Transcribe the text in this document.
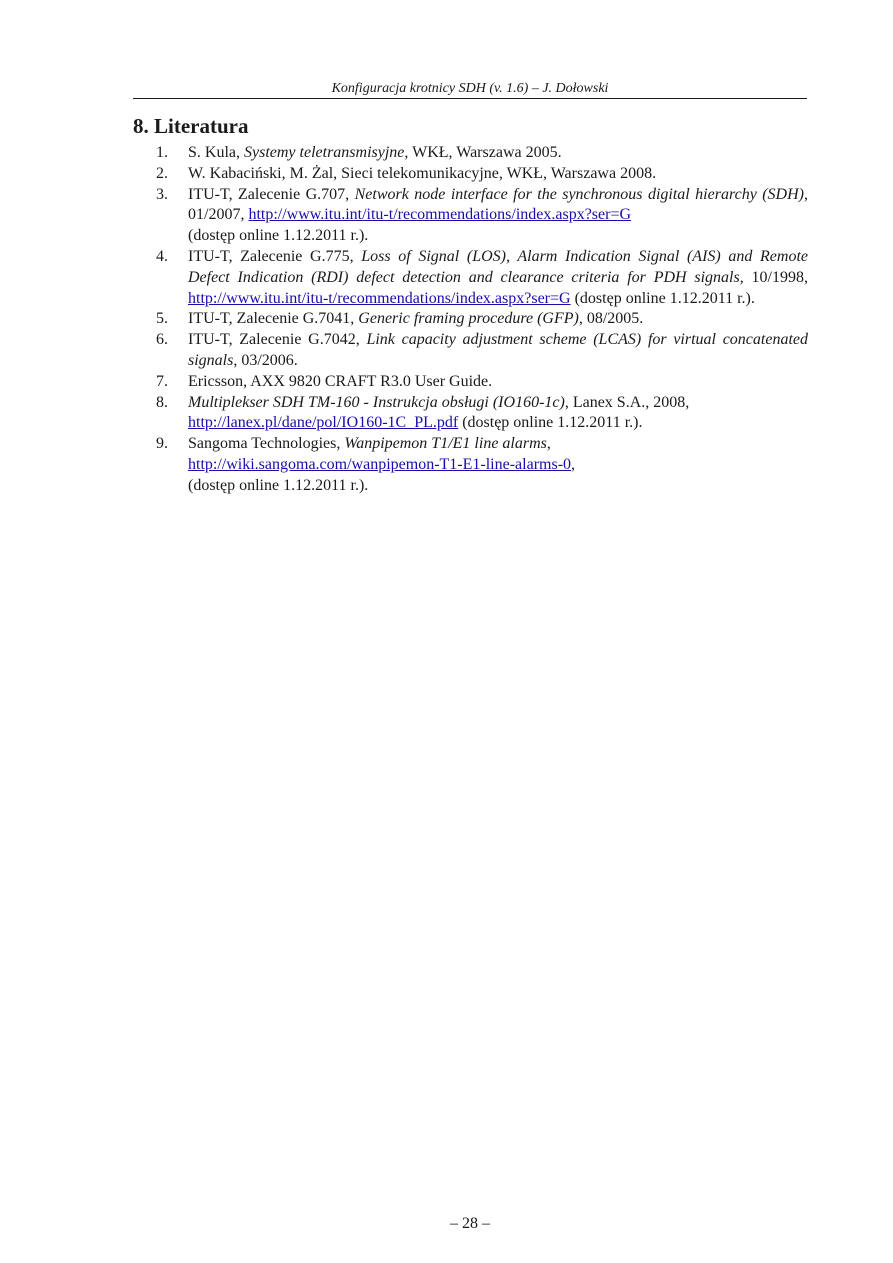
Konfiguracja krotnicy SDH (v. 1.6) – J. Dołowski
8. Literatura
1.	S. Kula, Systemy teletransmisyjne, WKŁ, Warszawa 2005.
2.	W. Kabaciński, M. Żal, Sieci telekomunikacyjne, WKŁ, Warszawa 2008.
3.	ITU-T, Zalecenie G.707, Network node interface for the synchronous digital hierarchy (SDH), 01/2007, http://www.itu.int/itu-t/recommendations/index.aspx?ser=G
(dostęp online 1.12.2011 r.).
4.	ITU-T, Zalecenie G.775, Loss of Signal (LOS), Alarm Indication Signal (AIS) and Remote Defect Indication (RDI) defect detection and clearance criteria for PDH signals, 10/1998, http://www.itu.int/itu-t/recommendations/index.aspx?ser=G (dostęp online 1.12.2011 r.).
5.	ITU-T, Zalecenie G.7041, Generic framing procedure (GFP), 08/2005.
6.	ITU-T, Zalecenie G.7042, Link capacity adjustment scheme (LCAS) for virtual concatenated signals, 03/2006.
7.	Ericsson, AXX 9820 CRAFT R3.0 User Guide.
8.	Multiplekser SDH TM-160 - Instrukcja obsługi (IO160-1c), Lanex S.A., 2008,
http://lanex.pl/dane/pol/IO160-1C_PL.pdf (dostęp online 1.12.2011 r.).
9.	Sangoma Technologies, Wanpipemon T1/E1 line alarms,
http://wiki.sangoma.com/wanpipemon-T1-E1-line-alarms-0,
(dostęp online 1.12.2011 r.).
– 28 –
